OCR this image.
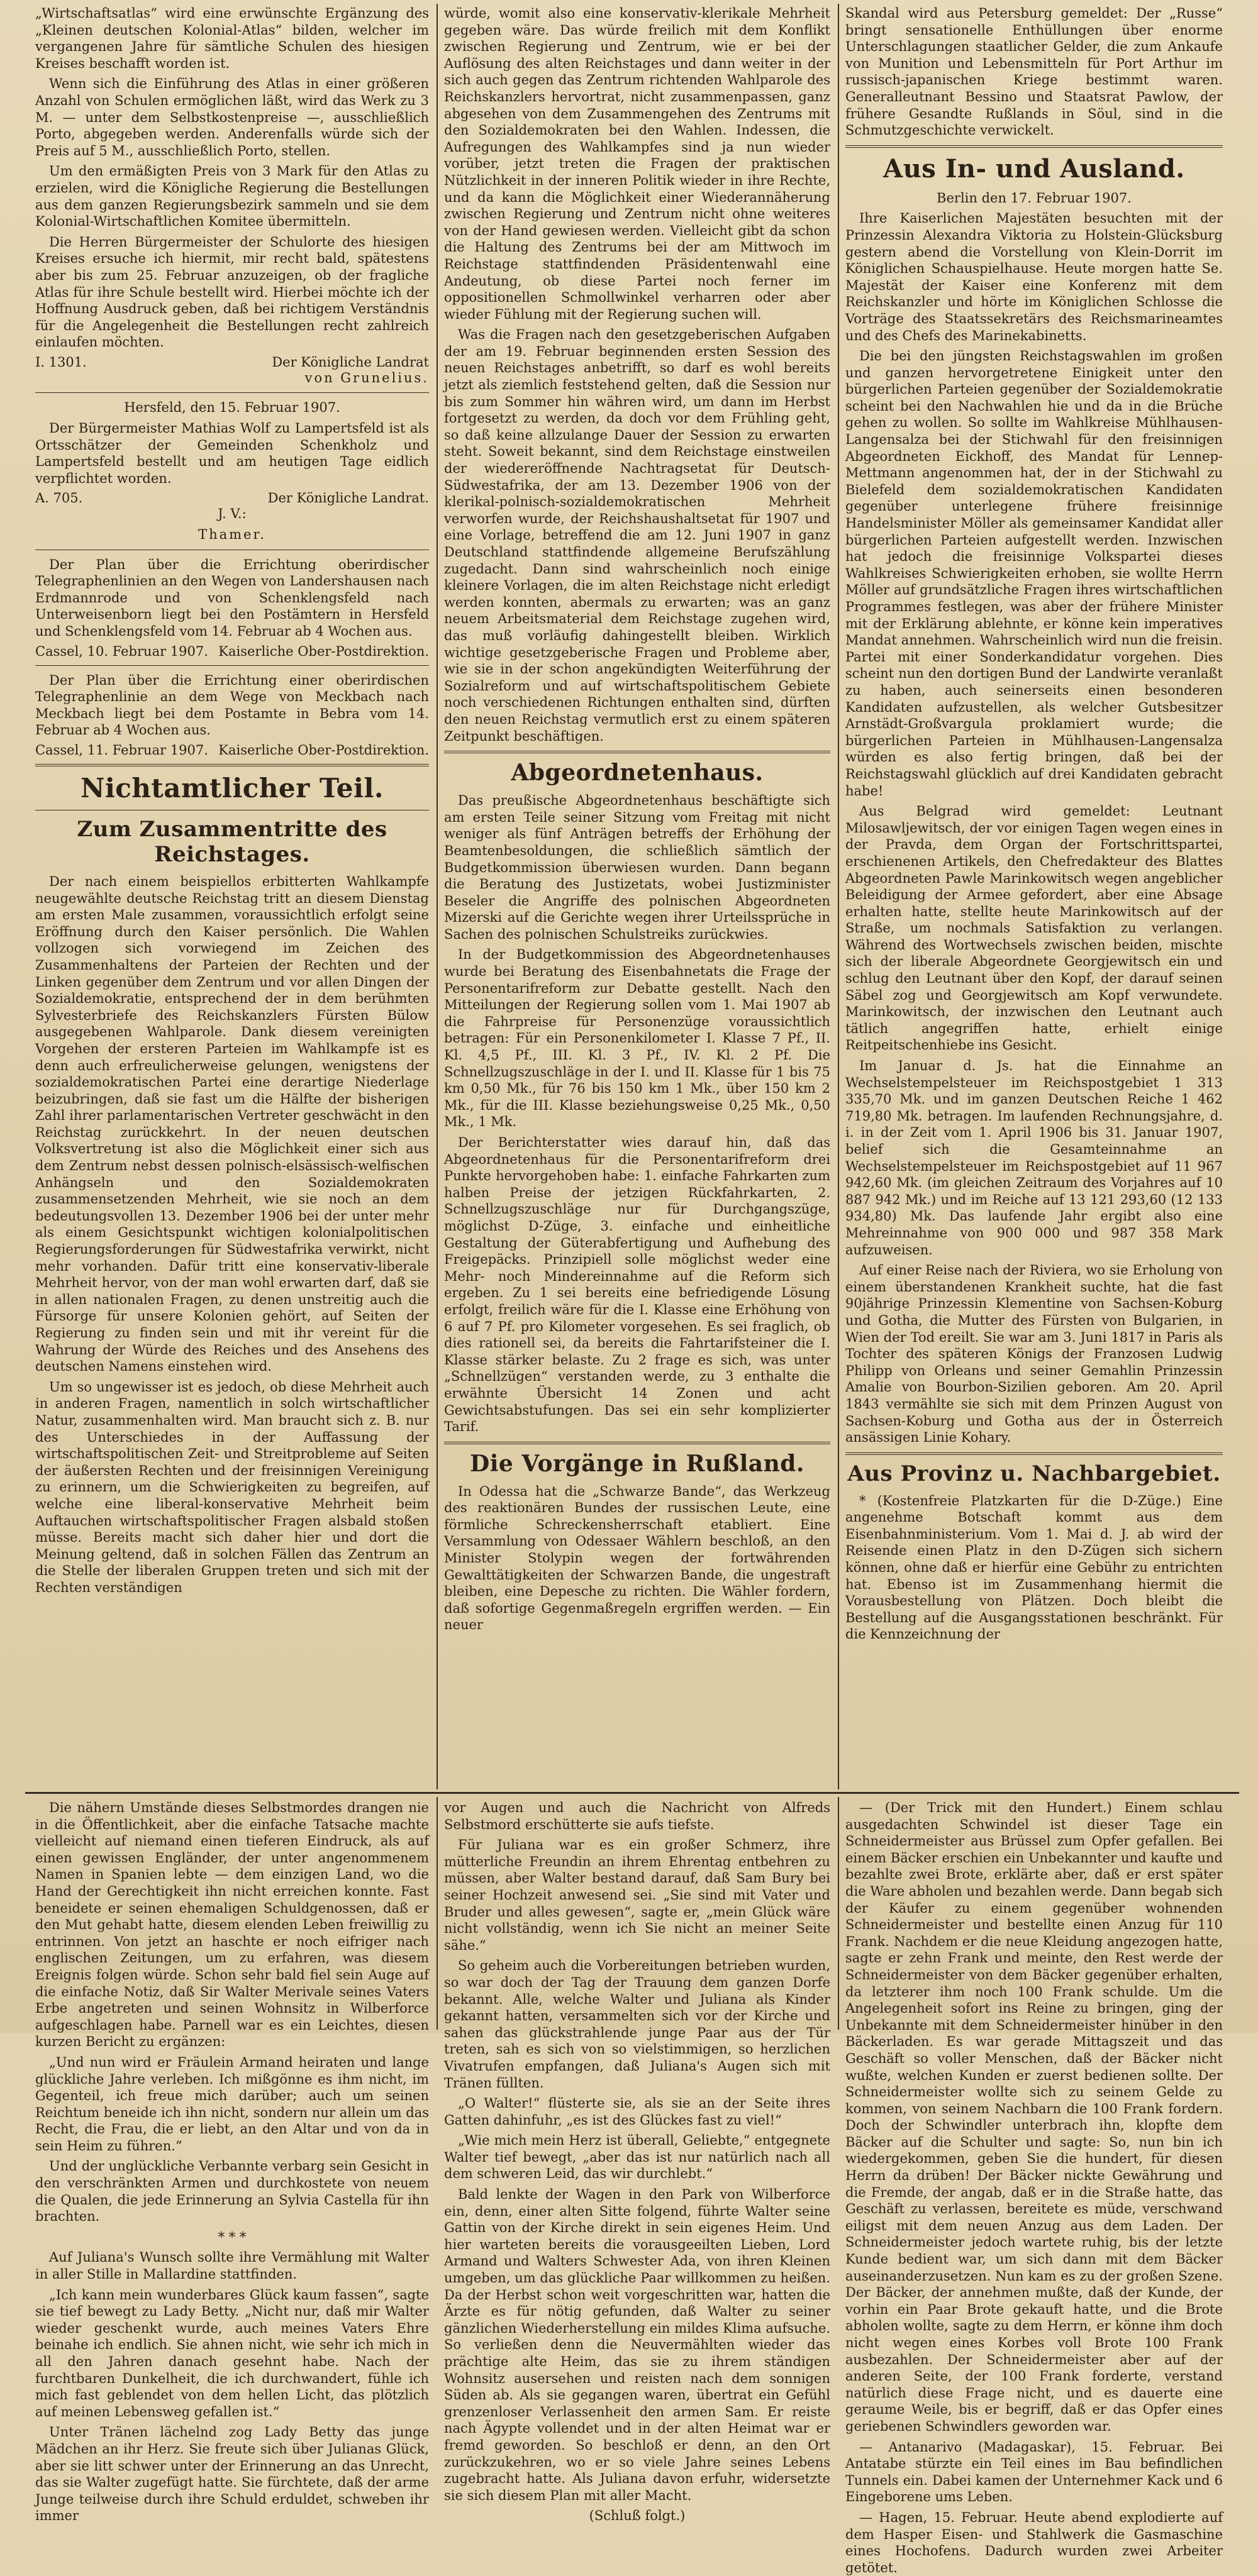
„Wirtschaftsatlas“ wird eine erwünschte Ergänzung des „Kleinen deutschen Kolonial-Atlas“ bilden, welcher im vergangenen Jahre für sämtliche Schulen des hiesigen Kreises beschafft worden ist.

Wenn sich die Einführung des Atlas in einer größeren Anzahl von Schulen ermöglichen läßt, wird das Werk zu 3 M. — unter dem Selbstkostenpreise —, ausschließlich Porto, abgegeben werden. Anderenfalls würde sich der Preis auf 5 M., ausschließlich Porto, stellen.

Um den ermäßigten Preis von 3 Mark für den Atlas zu erzielen, wird die Königliche Regierung die Bestellungen aus dem ganzen Regierungsbezirk sammeln und sie dem Kolonial-Wirtschaftlichen Komitee übermitteln.

Die Herren Bürgermeister der Schulorte des hiesigen Kreises ersuche ich hiermit, mir recht bald, spätestens aber bis zum 25. Februar anzuzeigen, ob der fragliche Atlas für ihre Schule bestellt wird. Hierbei möchte ich der Hoffnung Ausdruck geben, daß bei richtigem Verständnis für die Angelegenheit die Bestellungen recht zahlreich einlaufen möchten.

I. 1301.	Der Königliche Landrat

von Grunelius.

Hersfeld, den 15. Februar 1907.

Der Bürgermeister Mathias Wolf zu Lampertsfeld ist als Ortsschätzer der Gemeinden Schenkholz und Lampertsfeld bestellt und am heutigen Tage eidlich verpflichtet worden.

A. 705.	Der Königliche Landrat.

J. V.:

Thamer.

Der Plan über die Errichtung oberirdischer Telegraphenlinien an den Wegen von Landershausen nach Erdmannrode und von Schenklengsfeld nach Unterweisenborn liegt bei den Postämtern in Hersfeld und Schenklengsfeld vom 14. Februar ab 4 Wochen aus.

Cassel, 10. Februar 1907. Kaiserliche Ober-Postdirektion.

Der Plan über die Errichtung einer oberirdischen Telegraphenlinie an dem Wege von Meckbach nach Meckbach liegt bei dem Postamte in Bebra vom 14. Februar ab 4 Wochen aus.

Cassel, 11. Februar 1907. Kaiserliche Ober-Postdirektion.
Nichtamtlicher Teil.
Zum Zusammentritte des Reichstages.

Der nach einem beispiellos erbitterten Wahlkampfe neugewählte deutsche Reichstag tritt an diesem Dienstag am ersten Male zusammen, voraussichtlich erfolgt seine Eröffnung durch den Kaiser persönlich. Die Wahlen vollzogen sich vorwiegend im Zeichen des Zusammenhaltens der Parteien der Rechten und der Linken gegenüber dem Zentrum und vor allen Dingen der Sozialdemokratie, entsprechend der in dem berühmten Sylvesterbriefe des Reichskanzlers Fürsten Bülow ausgegebenen Wahlparole. Dank diesem vereinigten Vorgehen der ersteren Parteien im Wahlkampfe ist es denn auch erfreulicherweise gelungen, wenigstens der sozialdemokratischen Partei eine derartige Niederlage beizubringen, daß sie fast um die Hälfte der bisherigen Zahl ihrer parlamentarischen Vertreter geschwächt in den Reichstag zurückkehrt. In der neuen deutschen Volksvertretung ist also die Möglichkeit einer sich aus dem Zentrum nebst dessen polnisch-elsässisch-welfischen Anhängseln und den Sozialdemokraten zusammensetzenden Mehrheit, wie sie noch an dem bedeutungsvollen 13. Dezember 1906 bei der unter mehr als einem Gesichtspunkt wichtigen kolonialpolitischen Regierungsforderungen für Südwestafrika verwirkt, nicht mehr vorhanden. Dafür tritt eine konservativ-liberale Mehrheit hervor, von der man wohl erwarten darf, daß sie in allen nationalen Fragen, zu denen unstreitig auch die Fürsorge für unsere Kolonien gehört, auf Seiten der Regierung zu finden sein und mit ihr vereint für die Wahrung der Würde des Reiches und des Ansehens des deutschen Namens einstehen wird.

Um so ungewisser ist es jedoch, ob diese Mehrheit auch in anderen Fragen, namentlich in solch wirtschaftlicher Natur, zusammenhalten wird. Man braucht sich z. B. nur des Unterschiedes in der Auffassung der wirtschaftspolitischen Zeit- und Streitprobleme auf Seiten der äußersten Rechten und der freisinnigen Vereinigung zu erinnern, um die Schwierigkeiten zu begreifen, auf welche eine liberal-konservative Mehrheit beim Auftauchen wirtschaftspolitischer Fragen alsbald stoßen müsse. Bereits macht sich daher hier und dort die Meinung geltend, daß in solchen Fällen das Zentrum an die Stelle der liberalen Gruppen treten und sich mit der Rechten verständigen

würde, womit also eine konservativ-klerikale Mehrheit gegeben wäre. Das würde freilich mit dem Konflikt zwischen Regierung und Zentrum, wie er bei der Auflösung des alten Reichstages und dann weiter in der sich auch gegen das Zentrum richtenden Wahlparole des Reichskanzlers hervortrat, nicht zusammenpassen, ganz abgesehen von dem Zusammengehen des Zentrums mit den Sozialdemokraten bei den Wahlen. Indessen, die Aufregungen des Wahlkampfes sind ja nun wieder vorüber, jetzt treten die Fragen der praktischen Nützlichkeit in der inneren Politik wieder in ihre Rechte, und da kann die Möglichkeit einer Wiederannäherung zwischen Regierung und Zentrum nicht ohne weiteres von der Hand gewiesen werden. Vielleicht gibt da schon die Haltung des Zentrums bei der am Mittwoch im Reichstage stattfindenden Präsidentenwahl eine Andeutung, ob diese Partei noch ferner im oppositionellen Schmollwinkel verharren oder aber wieder Fühlung mit der Regierung suchen will.

Was die Fragen nach den gesetzgeberischen Aufgaben der am 19. Februar beginnenden ersten Session des neuen Reichstages anbetrifft, so darf es wohl bereits jetzt als ziemlich feststehend gelten, daß die Session nur bis zum Sommer hin währen wird, um dann im Herbst fortgesetzt zu werden, da doch vor dem Frühling geht, so daß keine allzulange Dauer der Session zu erwarten steht. Soweit bekannt, sind dem Reichstage einstweilen der wiedereröffnende Nachtragsetat für Deutsch-Südwestafrika, der am 13. Dezember 1906 von der klerikal-polnisch-sozialdemokratischen Mehrheit verworfen wurde, der Reichshaushaltsetat für 1907 und eine Vorlage, betreffend die am 12. Juni 1907 in ganz Deutschland stattfindende allgemeine Berufszählung zugedacht. Dann sind wahrscheinlich noch einige kleinere Vorlagen, die im alten Reichstage nicht erledigt werden konnten, abermals zu erwarten; was an ganz neuem Arbeitsmaterial dem Reichstage zugehen wird, das muß vorläufig dahingestellt bleiben. Wirklich wichtige gesetzgeberische Fragen und Probleme aber, wie sie in der schon angekündigten Weiterführung der Sozialreform und auf wirtschaftspolitischem Gebiete noch verschiedenen Richtungen enthalten sind, dürften den neuen Reichstag vermutlich erst zu einem späteren Zeitpunkt beschäftigen.

Abgeordnetenhaus.

Das preußische Abgeordnetenhaus beschäftigte sich am ersten Teile seiner Sitzung vom Freitag mit nicht weniger als fünf Anträgen betreffs der Erhöhung der Beamtenbesoldungen, die schließlich sämtlich der Budgetkommission überwiesen wurden. Dann begann die Beratung des Justizetats, wobei Justizminister Beseler die Angriffe des polnischen Abgeordneten Mizerski auf die Gerichte wegen ihrer Urteilssprüche in Sachen des polnischen Schulstreiks zurückwies.

In der Budgetkommission des Abgeordnetenhauses wurde bei Beratung des Eisenbahnetats die Frage der Personentarifreform zur Debatte gestellt. Nach den Mitteilungen der Regierung sollen vom 1. Mai 1907 ab die Fahrpreise für Personenzüge voraussichtlich betragen: Für ein Personenkilometer I. Klasse 7 Pf., II. Kl. 4,5 Pf., III. Kl. 3 Pf., IV. Kl. 2 Pf. Die Schnellzugszuschläge in der I. und II. Klasse für 1 bis 75 km 0,50 Mk., für 76 bis 150 km 1 Mk., über 150 km 2 Mk., für die III. Klasse beziehungsweise 0,25 Mk., 0,50 Mk., 1 Mk.

Der Berichterstatter wies darauf hin, daß das Abgeordnetenhaus für die Personentarifreform drei Punkte hervorgehoben habe: 1. einfache Fahrkarten zum halben Preise der jetzigen Rückfahrkarten, 2. Schnellzugszuschläge nur für Durchgangszüge, möglichst D-Züge, 3. einfache und einheitliche Gestaltung der Güterabfertigung und Aufhebung des Freigepäcks. Prinzipiell solle möglichst weder eine Mehr- noch Mindereinnahme auf die Reform sich ergeben. Zu 1 sei bereits eine befriedigende Lösung erfolgt, freilich wäre für die I. Klasse eine Erhöhung von 6 auf 7 Pf. pro Kilometer vorgesehen. Es sei fraglich, ob dies rationell sei, da bereits die Fahrtarifsteiner die I. Klasse stärker belaste. Zu 2 frage es sich, was unter „Schnellzügen“ verstanden werde, zu 3 enthalte die erwähnte Übersicht 14 Zonen und acht Gewichtsabstufungen. Das sei ein sehr komplizierter Tarif.

Die Vorgänge in Rußland.

In Odessa hat die „Schwarze Bande“, das Werkzeug des reaktionären Bundes der russischen Leute, eine förmliche Schreckensherrschaft etabliert. Eine Versammlung von Odessaer Wählern beschloß, an den Minister Stolypin wegen der fortwährenden Gewalttätigkeiten der Schwarzen Bande, die ungestraft bleiben, eine Depesche zu richten. Die Wähler fordern, daß sofortige Gegenmaßregeln ergriffen werden. — Ein neuer

Skandal wird aus Petersburg gemeldet: Der „Russe“ bringt sensationelle Enthüllungen über enorme Unterschlagungen staatlicher Gelder, die zum Ankaufe von Munition und Lebensmitteln für Port Arthur im russisch-japanischen Kriege bestimmt waren. Generalleutnant Bessino und Staatsrat Pawlow, der frühere Gesandte Rußlands in Söul, sind in die Schmutzgeschichte verwickelt.

Aus In- und Ausland.

Berlin den 17. Februar 1907.

Ihre Kaiserlichen Majestäten besuchten mit der Prinzessin Alexandra Viktoria zu Holstein-Glücksburg gestern abend die Vorstellung von Klein-Dorrit im Königlichen Schauspielhause. Heute morgen hatte Se. Majestät der Kaiser eine Konferenz mit dem Reichskanzler und hörte im Königlichen Schlosse die Vorträge des Staatssekretärs des Reichsmarineamtes und des Chefs des Marinekabinetts.

Die bei den jüngsten Reichstagswahlen im großen und ganzen hervorgetretene Einigkeit unter den bürgerlichen Parteien gegenüber der Sozialdemokratie scheint bei den Nachwahlen hie und da in die Brüche gehen zu wollen. So sollte im Wahlkreise Mühlhausen-Langensalza bei der Stichwahl für den freisinnigen Abgeordneten Eickhoff, des Mandat für Lennep-Mettmann angenommen hat, der in der Stichwahl zu Bielefeld dem sozialdemokratischen Kandidaten gegenüber unterlegene frühere freisinnige Handelsminister Möller als gemeinsamer Kandidat aller bürgerlichen Parteien aufgestellt werden. Inzwischen hat jedoch die freisinnige Volkspartei dieses Wahlkreises Schwierigkeiten erhoben, sie wollte Herrn Möller auf grundsätzliche Fragen ihres wirtschaftlichen Programmes festlegen, was aber der frühere Minister mit der Erklärung ablehnte, er könne kein imperatives Mandat annehmen. Wahrscheinlich wird nun die freisin. Partei mit einer Sonderkandidatur vorgehen. Dies scheint nun den dortigen Bund der Landwirte veranlaßt zu haben, auch seinerseits einen besonderen Kandidaten aufzustellen, als welcher Gutsbesitzer Arnstädt-Großvargula proklamiert wurde; die bürgerlichen Parteien in Mühlhausen-Langensalza würden es also fertig bringen, daß bei der Reichstagswahl glücklich auf drei Kandidaten gebracht habe!

Aus Belgrad wird gemeldet: Leutnant Milosawljewitsch, der vor einigen Tagen wegen eines in der Pravda, dem Organ der Fortschrittspartei, erschienenen Artikels, den Chefredakteur des Blattes Abgeordneten Pawle Marinkowitsch wegen angeblicher Beleidigung der Armee gefordert, aber eine Absage erhalten hatte, stellte heute Marinkowitsch auf der Straße, um nochmals Satisfaktion zu verlangen. Während des Wortwechsels zwischen beiden, mischte sich der liberale Abgeordnete Georgjewitsch ein und schlug den Leutnant über den Kopf, der darauf seinen Säbel zog und Georgjewitsch am Kopf verwundete. Marinkowitsch, der inzwischen den Leutnant auch tätlich angegriffen hatte, erhielt einige Reitpeitschenhiebe ins Gesicht.

Im Januar d. Js. hat die Einnahme an Wechselstempelsteuer im Reichspostgebiet 1 313 335,70 Mk. und im ganzen Deutschen Reiche 1 462 719,80 Mk. betragen. Im laufenden Rechnungsjahre, d. i. in der Zeit vom 1. April 1906 bis 31. Januar 1907, belief sich die Gesamteinnahme an Wechselstempelsteuer im Reichspostgebiet auf 11 967 942,60 Mk. (im gleichen Zeitraum des Vorjahres auf 10 887 942 Mk.) und im Reiche auf 13 121 293,60 (12 133 934,80) Mk. Das laufende Jahr ergibt also eine Mehreinnahme von 900 000 und 987 358 Mark aufzuweisen.

Auf einer Reise nach der Riviera, wo sie Erholung von einem überstandenen Krankheit suchte, hat die fast 90jährige Prinzessin Klementine von Sachsen-Koburg und Gotha, die Mutter des Fürsten von Bulgarien, in Wien der Tod ereilt. Sie war am 3. Juni 1817 in Paris als Tochter des späteren Königs der Franzosen Ludwig Philipp von Orleans und seiner Gemahlin Prinzessin Amalie von Bourbon-Sizilien geboren. Am 20. April 1843 vermählte sie sich mit dem Prinzen August von Sachsen-Koburg und Gotha aus der in Österreich ansässigen Linie Kohary.

Aus Provinz u. Nachbargebiet.

* (Kostenfreie Platzkarten für die D-Züge.) Eine angenehme Botschaft kommt aus dem Eisenbahnministerium. Vom 1. Mai d. J. ab wird der Reisende einen Platz in den D-Zügen sich sichern können, ohne daß er hierfür eine Gebühr zu entrichten hat. Ebenso ist im Zusammenhang hiermit die Vorausbestellung von Plätzen. Doch bleibt die Bestellung auf die Ausgangsstationen beschränkt. Für die Kennzeichnung der

Die nähern Umstände dieses Selbstmordes drangen nie in die Öffentlichkeit, aber die einfache Tatsache machte vielleicht auf niemand einen tieferen Eindruck, als auf einen gewissen Engländer, der unter angenommenem Namen in Spanien lebte — dem einzigen Land, wo die Hand der Gerechtigkeit ihn nicht erreichen konnte. Fast beneidete er seinen ehemaligen Schuldgenossen, daß er den Mut gehabt hatte, diesem elenden Leben freiwillig zu entrinnen. Von jetzt an haschte er noch eifriger nach englischen Zeitungen, um zu erfahren, was diesem Ereignis folgen würde. Schon sehr bald fiel sein Auge auf die einfache Notiz, daß Sir Walter Merivale seines Vaters Erbe angetreten und seinen Wohnsitz in Wilberforce aufgeschlagen habe. Parnell war es ein Leichtes, diesen kurzen Bericht zu ergänzen:

„Und nun wird er Fräulein Armand heiraten und lange glückliche Jahre verleben. Ich mißgönne es ihm nicht, im Gegenteil, ich freue mich darüber; auch um seinen Reichtum beneide ich ihn nicht, sondern nur allein um das Recht, die Frau, die er liebt, an den Altar und von da in sein Heim zu führen.“

Und der unglückliche Verbannte verbarg sein Gesicht in den verschränkten Armen und durchkostete von neuem die Qualen, die jede Erinnerung an Sylvia Castella für ihn brachten.

* * *

Auf Juliana's Wunsch sollte ihre Vermählung mit Walter in aller Stille in Mallardine stattfinden.

„Ich kann mein wunderbares Glück kaum fassen“, sagte sie tief bewegt zu Lady Betty. „Nicht nur, daß mir Walter wieder geschenkt wurde, auch meines Vaters Ehre beinahe ich endlich. Sie ahnen nicht, wie sehr ich mich in all den Jahren danach gesehnt habe. Nach der furchtbaren Dunkelheit, die ich durchwandert, fühle ich mich fast geblendet von dem hellen Licht, das plötzlich auf meinen Lebensweg gefallen ist.“

Unter Tränen lächelnd zog Lady Betty das junge Mädchen an ihr Herz. Sie freute sich über Julianas Glück, aber sie litt schwer unter der Erinnerung an das Unrecht, das sie Walter zugefügt hatte. Sie fürchtete, daß der arme Junge teilweise durch ihre Schuld erduldet, schweben ihr immer

vor Augen und auch die Nachricht von Alfreds Selbstmord erschütterte sie aufs tiefste.

Für Juliana war es ein großer Schmerz, ihre mütterliche Freundin an ihrem Ehrentag entbehren zu müssen, aber Walter bestand darauf, daß Sam Bury bei seiner Hochzeit anwesend sei. „Sie sind mit Vater und Bruder und alles gewesen“, sagte er, „mein Glück wäre nicht vollständig, wenn ich Sie nicht an meiner Seite sähe.“

So geheim auch die Vorbereitungen betrieben wurden, so war doch der Tag der Trauung dem ganzen Dorfe bekannt. Alle, welche Walter und Juliana als Kinder gekannt hatten, versammelten sich vor der Kirche und sahen das glückstrahlende junge Paar aus der Tür treten, sah es sich von so vielstimmigen, so herzlichen Vivatrufen empfangen, daß Juliana's Augen sich mit Tränen füllten.

„O Walter!“ flüsterte sie, als sie an der Seite ihres Gatten dahinfuhr, „es ist des Glückes fast zu viel!“

„Wie mich mein Herz ist überall, Geliebte,“ entgegnete Walter tief bewegt, „aber das ist nur natürlich nach all dem schweren Leid, das wir durchlebt.“

Bald lenkte der Wagen in den Park von Wilberforce ein, denn, einer alten Sitte folgend, führte Walter seine Gattin von der Kirche direkt in sein eigenes Heim. Und hier warteten bereits die vorausgeeilten Lieben, Lord Armand und Walters Schwester Ada, von ihren Kleinen umgeben, um das glückliche Paar willkommen zu heißen. Da der Herbst schon weit vorgeschritten war, hatten die Ärzte es für nötig gefunden, daß Walter zu seiner gänzlichen Wiederherstellung ein mildes Klima aufsuche. So verließen denn die Neuvermählten wieder das prächtige alte Heim, das sie zu ihrem ständigen Wohnsitz ausersehen und reisten nach dem sonnigen Süden ab. Als sie gegangen waren, übertrat ein Gefühl grenzenloser Verlassenheit den armen Sam. Er reiste nach Ägypte vollendet und in der alten Heimat war er fremd geworden. So beschloß er denn, an den Ort zurückzukehren, wo er so viele Jahre seines Lebens zugebracht hatte. Als Juliana davon erfuhr, widersetzte sie sich diesem Plan mit aller Macht.

(Schluß folgt.)

— (Der Trick mit den Hundert.) Einem schlau ausgedachten Schwindel ist dieser Tage ein Schneidermeister aus Brüssel zum Opfer gefallen. Bei einem Bäcker erschien ein Unbekannter und kaufte und bezahlte zwei Brote, erklärte aber, daß er erst später die Ware abholen und bezahlen werde. Dann begab sich der Käufer zu einem gegenüber wohnenden Schneidermeister und bestellte einen Anzug für 110 Frank. Nachdem er die neue Kleidung angezogen hatte, sagte er zehn Frank und meinte, den Rest werde der Schneidermeister von dem Bäcker gegenüber erhalten, da letzterer ihm noch 100 Frank schulde. Um die Angelegenheit sofort ins Reine zu bringen, ging der Unbekannte mit dem Schneidermeister hinüber in den Bäckerladen. Es war gerade Mittagszeit und das Geschäft so voller Menschen, daß der Bäcker nicht wußte, welchen Kunden er zuerst bedienen sollte. Der Schneidermeister wollte sich zu seinem Gelde zu kommen, von seinem Nachbarn die 100 Frank fordern. Doch der Schwindler unterbrach ihn, klopfte dem Bäcker auf die Schulter und sagte: So, nun bin ich wiedergekommen, geben Sie die hundert, für diesen Herrn da drüben! Der Bäcker nickte Gewährung und die Fremde, der angab, daß er in die Straße hatte, das Geschäft zu verlassen, bereitete es müde, verschwand eiligst mit dem neuen Anzug aus dem Laden. Der Schneidermeister jedoch wartete ruhig, bis der letzte Kunde bedient war, um sich dann mit dem Bäcker auseinanderzusetzen. Nun kam es zu der großen Szene. Der Bäcker, der annehmen mußte, daß der Kunde, der vorhin ein Paar Brote gekauft hatte, und die Brote abholen wollte, sagte zu dem Herrn, er könne ihm doch nicht wegen eines Korbes voll Brote 100 Frank ausbezahlen. Der Schneidermeister aber auf der anderen Seite, der 100 Frank forderte, verstand natürlich diese Frage nicht, und es dauerte eine geraume Weile, bis er begriff, daß er das Opfer eines geriebenen Schwindlers geworden war.

— Antanarivo (Madagaskar), 15. Februar. Bei Antatabe stürzte ein Teil eines im Bau befindlichen Tunnels ein. Dabei kamen der Unternehmer Kack und 6 Eingeborene ums Leben.

— Hagen, 15. Februar. Heute abend explodierte auf dem Hasper Eisen- und Stahlwerk die Gasmaschine eines Hochofens. Dadurch wurden zwei Arbeiter getötet.
